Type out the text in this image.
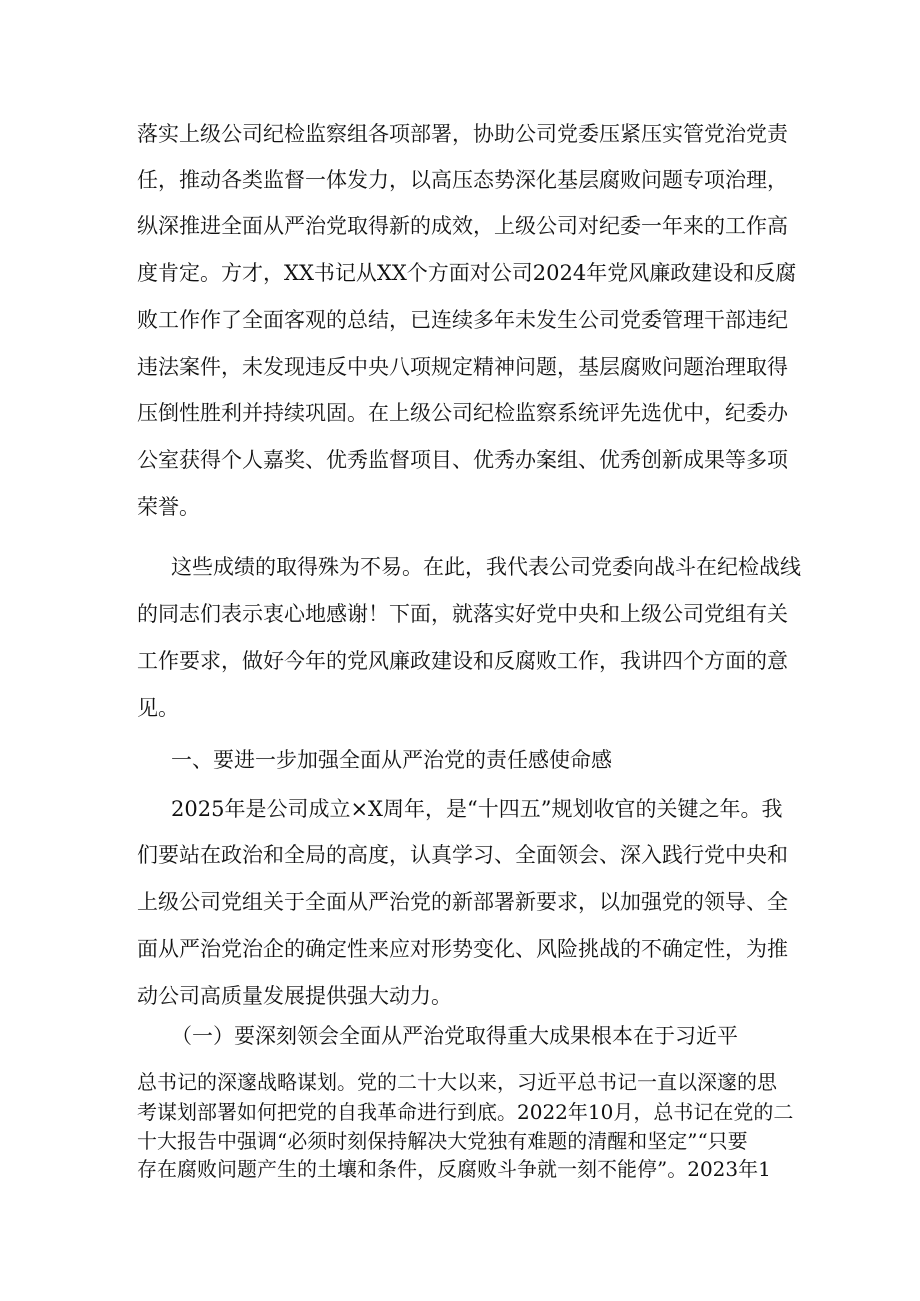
落实上级公司纪检监察组各项部署，协助公司党委压紧压实管党治党责
任，推动各类监督一体发力，以高压态势深化基层腐败问题专项治理，
纵深推进全面从严治党取得新的成效，上级公司对纪委一年来的工作高
度肯定。方才，XX书记从XX个方面对公司2024年党风廉政建设和反腐
败工作作了全面客观的总结，已连续多年未发生公司党委管理干部违纪
违法案件，未发现违反中央八项规定精神问题，基层腐败问题治理取得
压倒性胜利并持续巩固。在上级公司纪检监察系统评先选优中，纪委办
公室获得个人嘉奖、优秀监督项目、优秀办案组、优秀创新成果等多项
荣誉。
这些成绩的取得殊为不易。在此，我代表公司党委向战斗在纪检战线
的同志们表示衷心地感谢！下面，就落实好党中央和上级公司党组有关
工作要求，做好今年的党风廉政建设和反腐败工作，我讲四个方面的意
见。
一、要进一步加强全面从严治党的责任感使命感
2025年是公司成立×X周年，是“十四五”规划收官的关键之年。我
们要站在政治和全局的高度，认真学习、全面领会、深入践行党中央和
上级公司党组关于全面从严治党的新部署新要求，以加强党的领导、全
面从严治党治企的确定性来应对形势变化、风险挑战的不确定性，为推
动公司高质量发展提供强大动力。
（一）要深刻领会全面从严治党取得重大成果根本在于习近平
总书记的深邃战略谋划。党的二十大以来，习近平总书记一直以深邃的思
考谋划部署如何把党的自我革命进行到底。2022年10月，总书记在党的二
十大报告中强调“必须时刻保持解决大党独有难题的清醒和坚定”“只要
存在腐败问题产生的土壤和条件，反腐败斗争就一刻不能停”。2023年1
